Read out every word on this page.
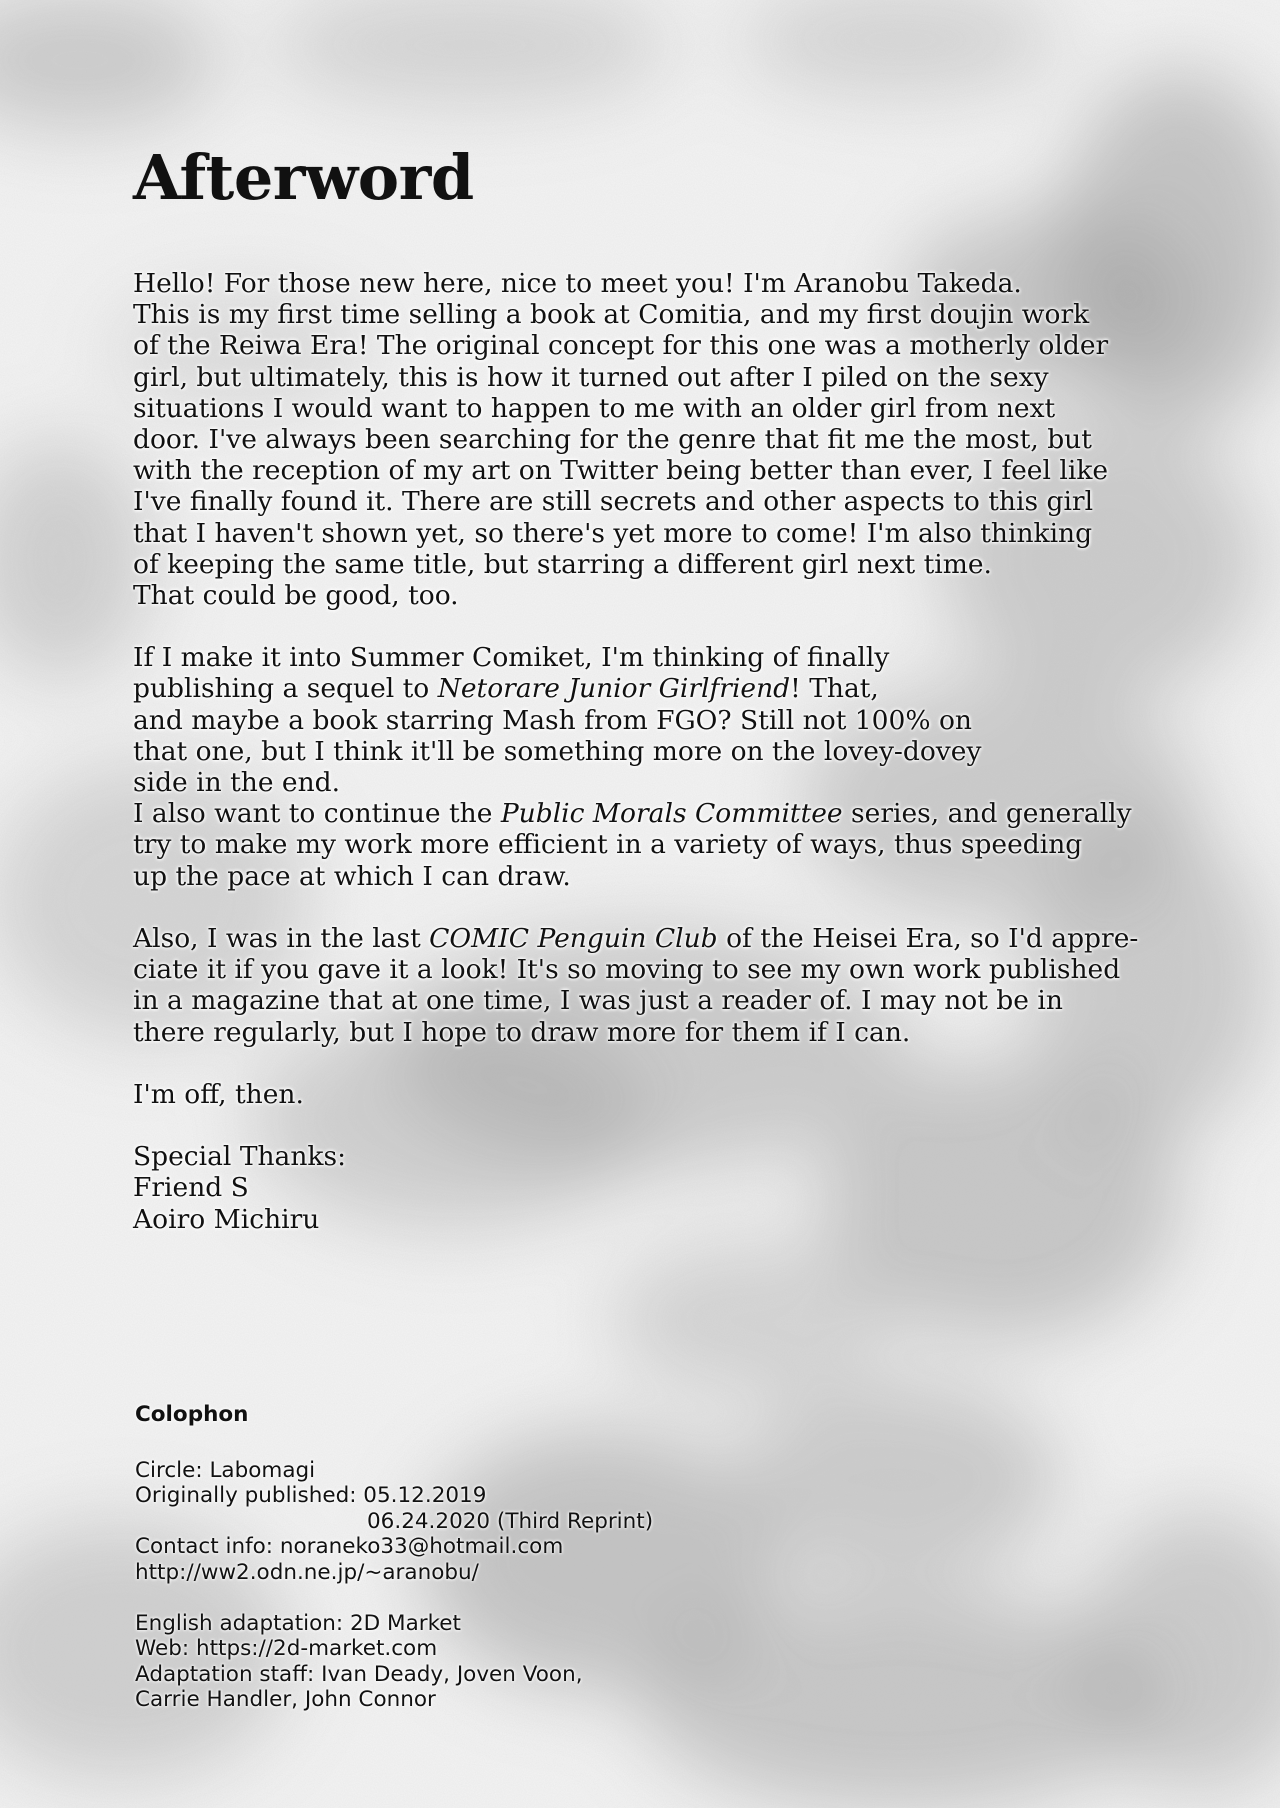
Afterword
Hello! For those new here, nice to meet you! I'm Aranobu Takeda.
This is my first time selling a book at Comitia, and my first doujin work
of the Reiwa Era! The original concept for this one was a motherly older
girl, but ultimately, this is how it turned out after I piled on the sexy
situations I would want to happen to me with an older girl from next
door. I've always been searching for the genre that fit me the most, but
with the reception of my art on Twitter being better than ever, I feel like
I've finally found it. There are still secrets and other aspects to this girl
that I haven't shown yet, so there's yet more to come! I'm also thinking
of keeping the same title, but starring a different girl next time.
That could be good, too.
If I make it into Summer Comiket, I'm thinking of finally
publishing a sequel to Netorare Junior Girlfriend! That,
and maybe a book starring Mash from FGO? Still not 100% on
that one, but I think it'll be something more on the lovey-dovey
side in the end.
I also want to continue the Public Morals Committee series, and generally
try to make my work more efficient in a variety of ways, thus speeding
up the pace at which I can draw.
Also, I was in the last COMIC Penguin Club of the Heisei Era, so I'd appre-
ciate it if you gave it a look! It's so moving to see my own work published
in a magazine that at one time, I was just a reader of. I may not be in
there regularly, but I hope to draw more for them if I can.
I'm off, then.
Special Thanks:
Friend S
Aoiro Michiru
Colophon
Circle: Labomagi
Originally published: 05.12.2019
06.24.2020 (Third Reprint)
Contact info: noraneko33@hotmail.com
http://ww2.odn.ne.jp/~aranobu/
English adaptation: 2D Market
Web: https://2d-market.com
Adaptation staff: Ivan Deady, Joven Voon,
Carrie Handler, John Connor
